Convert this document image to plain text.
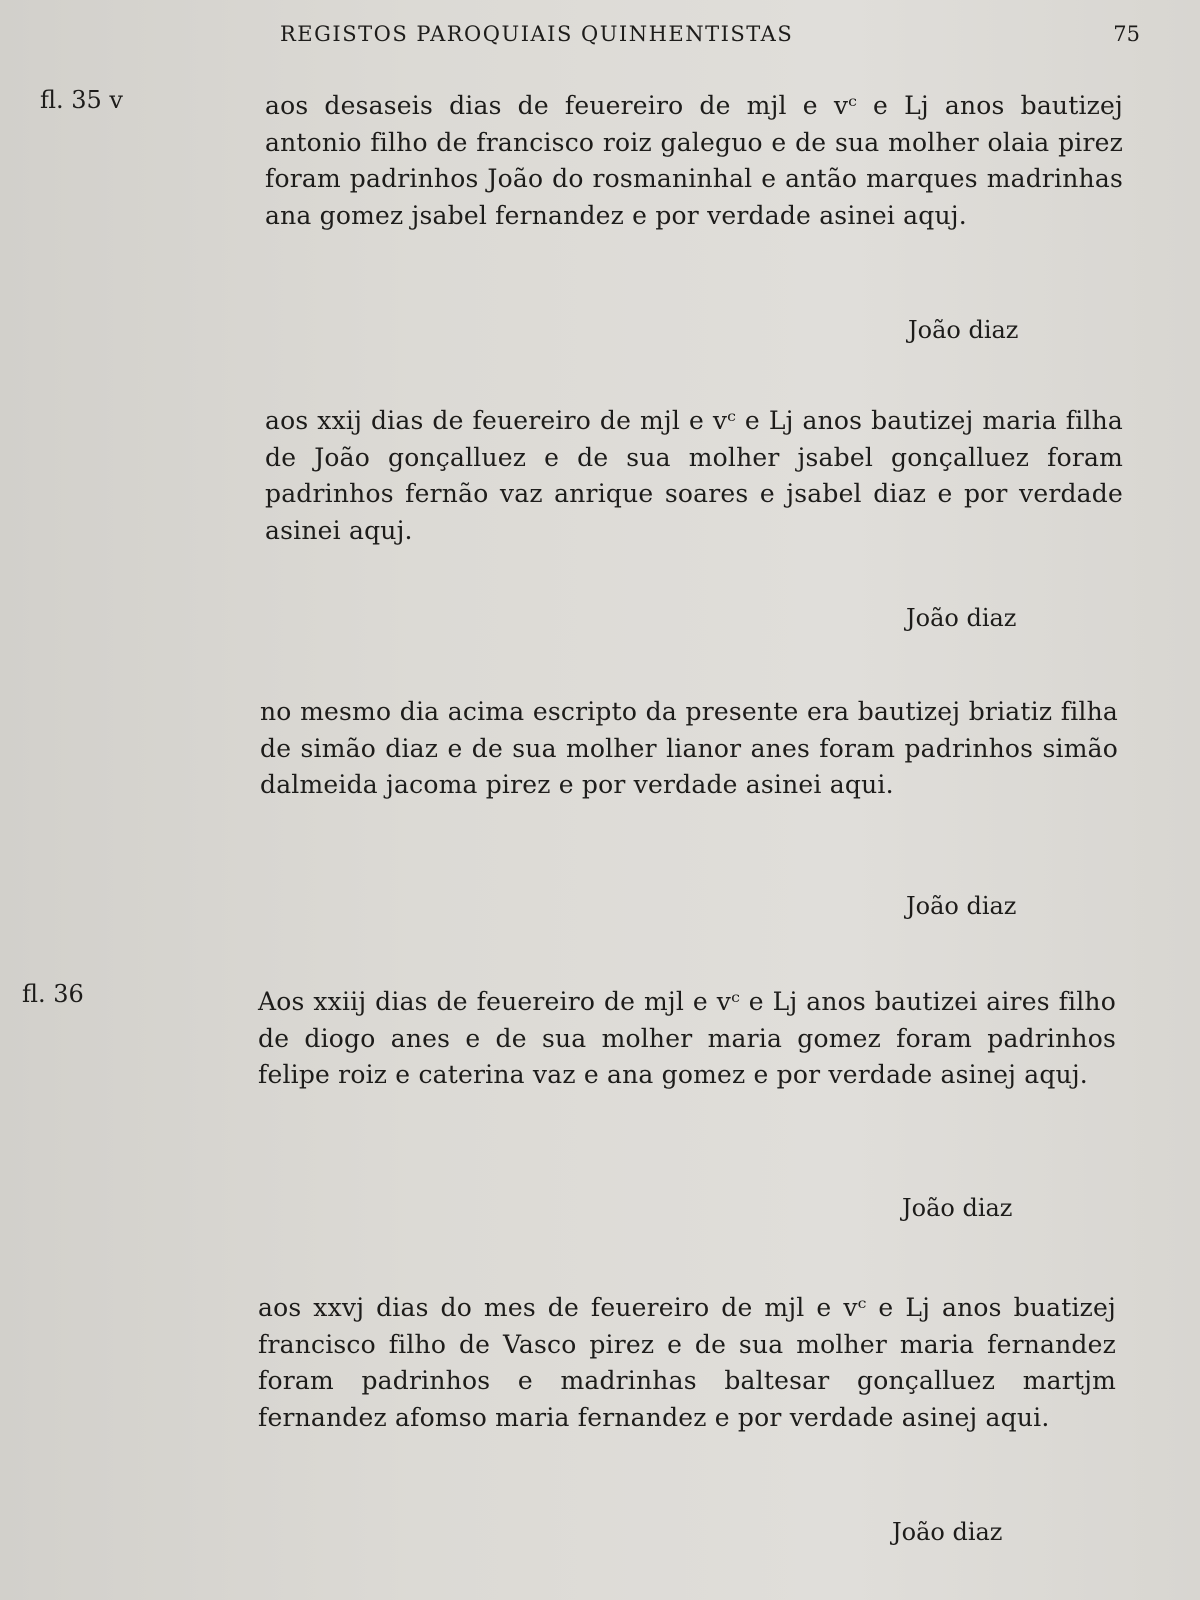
REGISTOS PAROQUIAIS QUINHENTISTAS	75
fl. 35 v	aos desaseis dias de feuereiro de mjl e vᶜ e Lj anos bautizej antonio filho de francisco roiz galeguo e de sua molher olaia pirez foram padrinhos João do rosmaninhal e antão marques madrinhas ana gomez jsabel fernandez e por verdade asinei aquj.
João diaz
aos xxij dias de feuereiro de mjl e vᶜ e Lj anos bautizej maria filha de João gonçalluez e de sua molher jsabel gonçalluez foram padrinhos fernão vaz anrique soares e jsabel diaz e por verdade asinei aquj.
João diaz
no mesmo dia acima escripto da presente era bautizej briatiz filha de simão diaz e de sua molher lianor anes foram padrinhos simão dalmeida jacoma pirez e por verdade asinei aqui.
João diaz
fl. 36	Aos xxiij dias de feuereiro de mjl e vᶜ e Lj anos bautizei aires filho de diogo anes e de sua molher maria gomez foram padrinhos felipe roiz e caterina vaz e ana gomez e por verdade asinej aquj.
João diaz
aos xxvj dias do mes de feuereiro de mjl e vᶜ e Lj anos buatizej francisco filho de Vasco pirez e de sua molher maria fernandez foram padrinhos e madrinhas baltesar gonçalluez martjm fernandez afomso maria fernandez e por verdade asinej aqui.
João diaz
